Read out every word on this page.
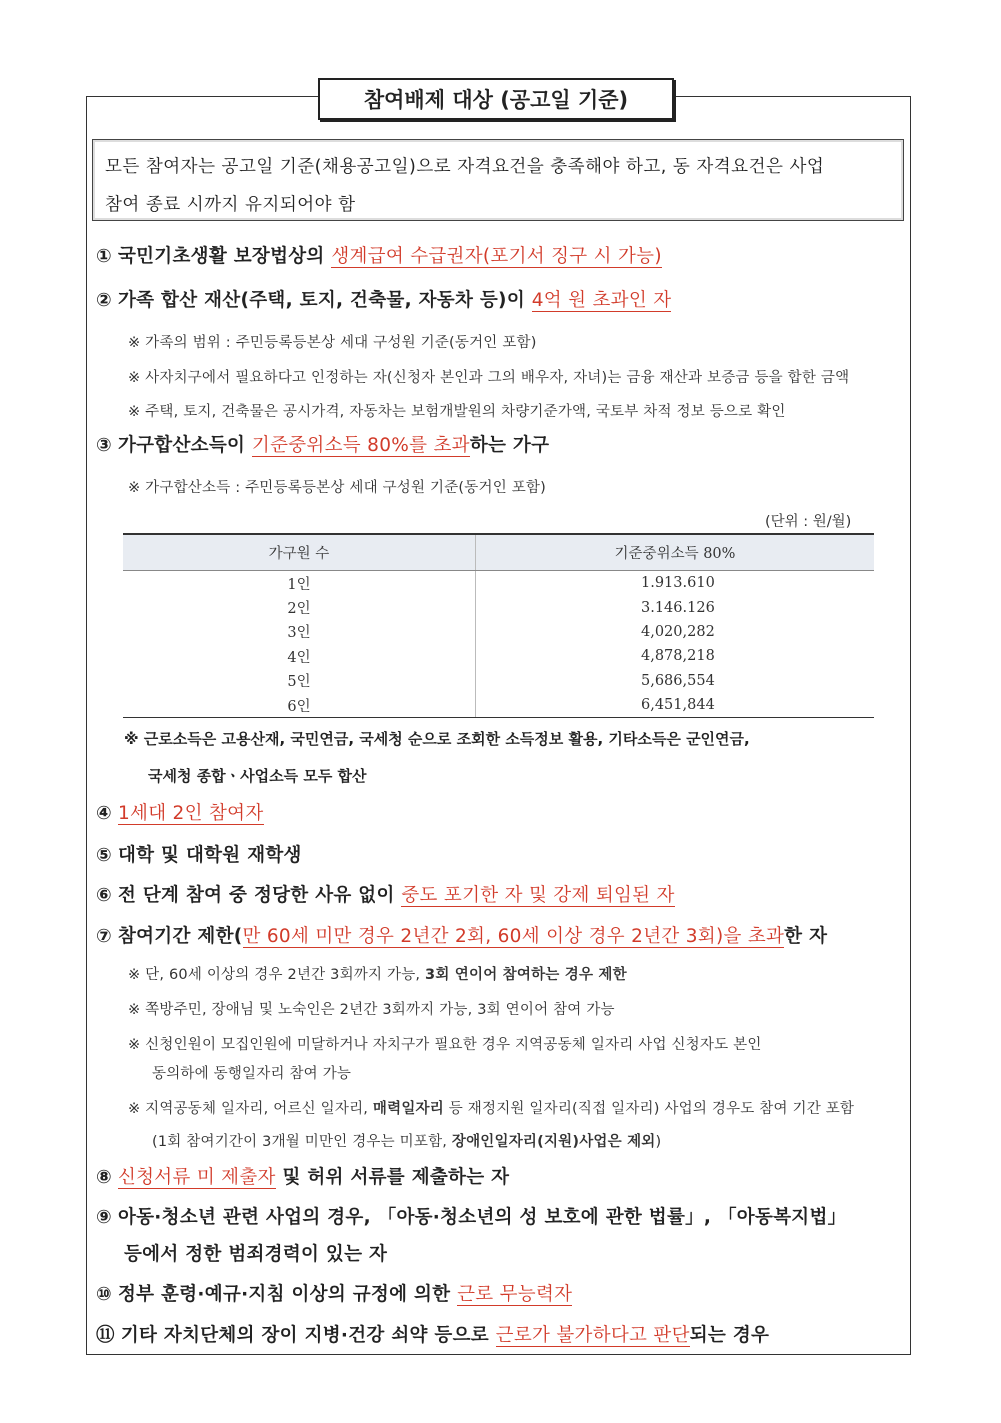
참여배제 대상 (공고일 기준)
모든 참여자는 공고일 기준(채용공고일)으로 자격요건을 충족해야 하고, 동 자격요건은 사업
참여 종료 시까지 유지되어야 함
① 국민기초생활 보장법상의 생계급여 수급권자(포기서 징구 시 가능)
② 가족 합산 재산(주택, 토지, 건축물, 자동차 등)이 4억 원 초과인 자
※ 가족의 범위 : 주민등록등본상 세대 구성원 기준(동거인 포함)
※ 사자치구에서 필요하다고 인정하는 자(신청자 본인과 그의 배우자, 자녀)는 금융 재산과 보증금 등을 합한 금액
※ 주택, 토지, 건축물은 공시가격, 자동차는 보험개발원의 차량기준가액, 국토부 차적 정보 등으로 확인
③ 가구합산소득이 기준중위소득 80%를 초과하는 가구
※ 가구합산소득 : 주민등록등본상 세대 구성원 기준(동거인 포함)
(단위 : 원/월)
가구원 수	기준중위소득 80%
1인	1.913.610
2인	3.146.126
3인	4,020,282
4인	4,878,218
5인	5,686,554
6인	6,451,844
※ 근로소득은 고용산재, 국민연금, 국세청 순으로 조회한 소득정보 활용, 기타소득은 군인연금,
국세청 종합ㆍ사업소득 모두 합산
④ 1세대 2인 참여자
⑤ 대학 및 대학원 재학생
⑥ 전 단계 참여 중 정당한 사유 없이 중도 포기한 자 및 강제 퇴임된 자
⑦ 참여기간 제한(만 60세 미만 경우 2년간 2회, 60세 이상 경우 2년간 3회)을 초과한 자
※ 단, 60세 이상의 경우 2년간 3회까지 가능, 3회 연이어 참여하는 경우 제한
※ 쪽방주민, 장애님 및 노숙인은 2년간 3회까지 가능, 3회 연이어 참여 가능
※ 신청인원이 모집인원에 미달하거나 자치구가 필요한 경우 지역공동체 일자리 사업 신청자도 본인
동의하에 동행일자리 참여 가능
※ 지역공동체 일자리, 어르신 일자리, 매력일자리 등 재정지원 일자리(직접 일자리) 사업의 경우도 참여 기간 포함
(1회 참여기간이 3개월 미만인 경우는 미포함, 장애인일자리(지원)사업은 제외)
⑧ 신청서류 미 제출자 및 허위 서류를 제출하는 자
⑨ 아동·청소년 관련 사업의 경우, 「아동·청소년의 성 보호에 관한 법률」, 「아동복지법」
등에서 정한 범죄경력이 있는 자
⑩ 정부 훈령·예규·지침 이상의 규정에 의한 근로 무능력자
⑪ 기타 자치단체의 장이 지병·건강 쇠약 등으로 근로가 불가하다고 판단되는 경우
